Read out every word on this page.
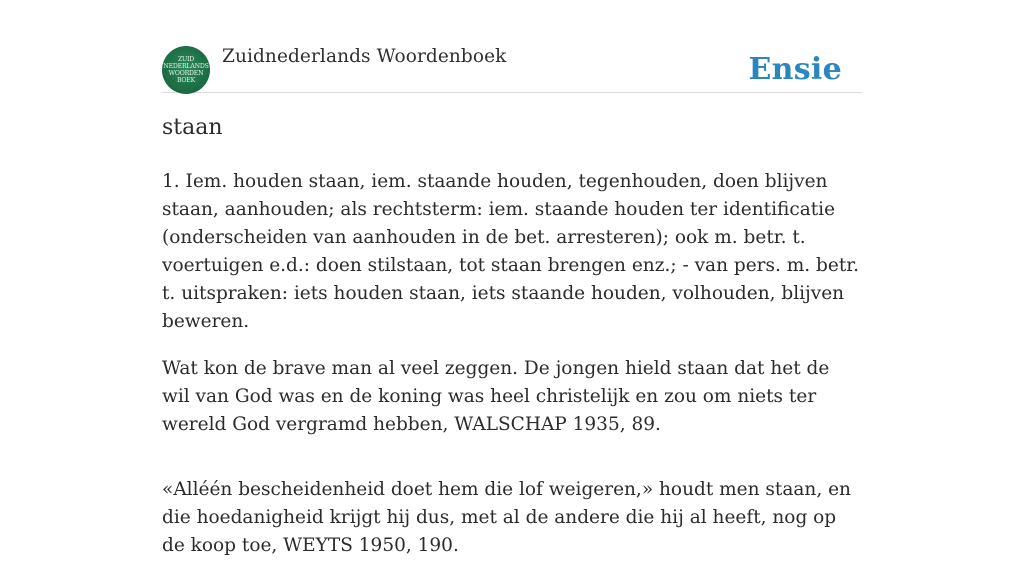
ZUID
NEDERLANDS
WOORDEN
BOEK
Zuidnederlands Woordenboek	Ensie
staan

1. Iem. houden staan, iem. staande houden, tegenhouden, doen blijven staan, aanhouden; als rechtsterm: iem. staande houden ter identificatie (onderscheiden van aanhouden in de bet. arresteren); ook m. betr. t. voertuigen e.d.: doen stilstaan, tot staan brengen enz.; - van pers. m. betr. t. uitspraken: iets houden staan, iets staande houden, volhouden, blijven beweren.

Wat kon de brave man al veel zeggen. De jongen hield staan dat het de wil van God was en de koning was heel christelijk en zou om niets ter wereld God vergramd hebben, WALSCHAP 1935, 89.

«Alléén bescheidenheid doet hem die lof weigeren,» houdt men staan, en die hoedanigheid krijgt hij dus, met al de andere die hij al heeft, nog op de koop toe, WEYTS 1950, 190.
